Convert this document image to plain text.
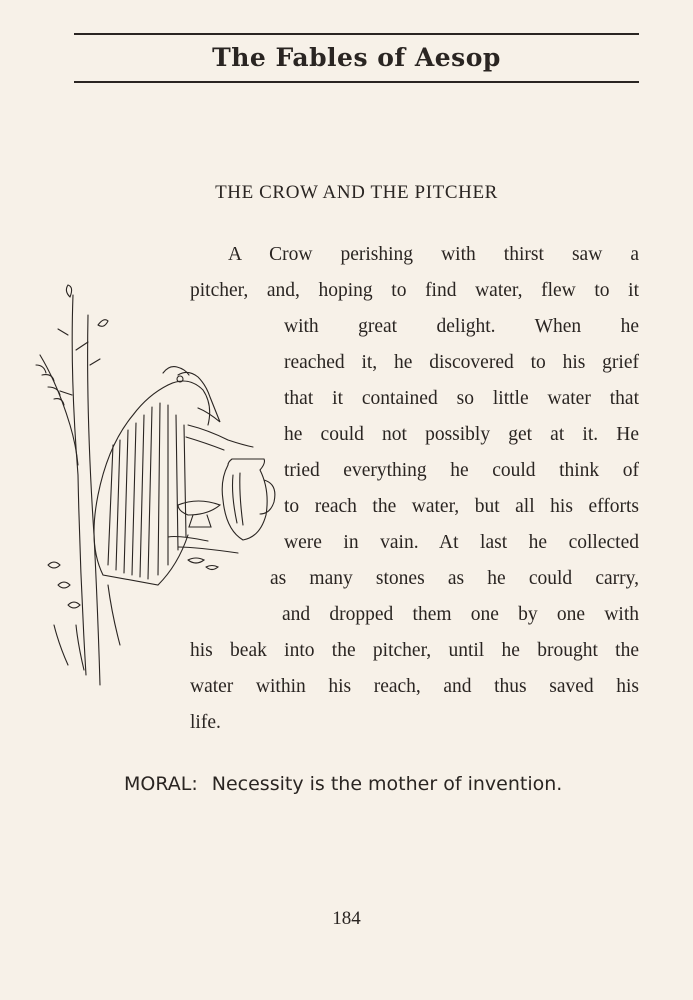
The Fables of Aesop
THE CROW AND THE PITCHER
A Crow perishing with thirst saw a
pitcher, and, hoping to find water, flew to it
with great delight. When he
reached it, he discovered to his grief
that it contained so little water that
he could not possibly get at it. He
tried everything he could think of
to reach the water, but all his efforts
were in vain. At last he collected
as many stones as he could carry,
and dropped them one by one with
his beak into the pitcher, until he brought the
water within his reach, and thus saved his
life.
MORAL: Necessity is the mother of invention.
184
